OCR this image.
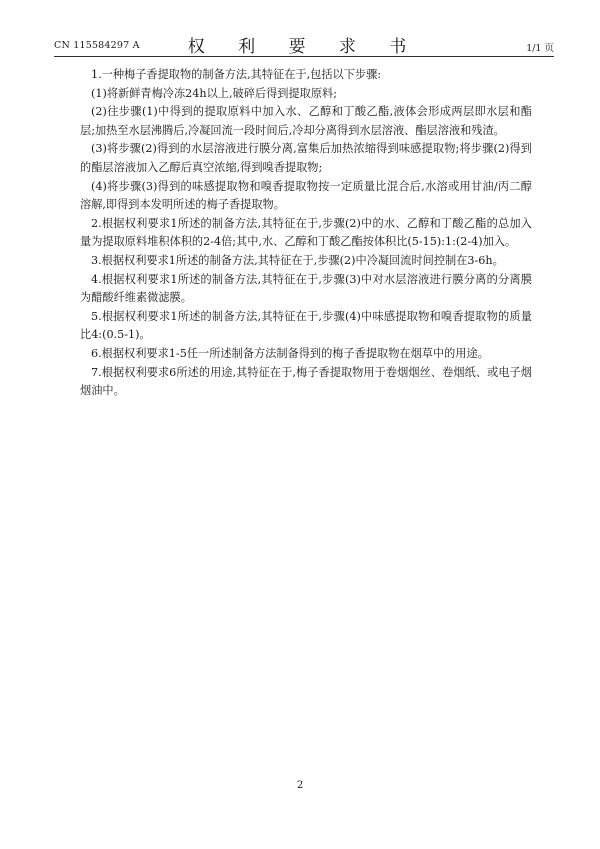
CN 115584297 A	权 利 要 求 书	1/1 页

1.一种梅子香提取物的制备方法,其特征在于,包括以下步骤:

(1)将新鲜青梅冷冻24h以上,破碎后得到提取原料;

(2)往步骤(1)中得到的提取原料中加入水、乙醇和丁酸乙酯,液体会形成两层即水层和酯层;加热至水层沸腾后,冷凝回流一段时间后,冷却分离得到水层溶液、酯层溶液和残渣。

(3)将步骤(2)得到的水层溶液进行膜分离,富集后加热浓缩得到味感提取物;将步骤(2)得到的酯层溶液加入乙醇后真空浓缩,得到嗅香提取物;

(4)将步骤(3)得到的味感提取物和嗅香提取物按一定质量比混合后,水溶或用甘油/丙二醇溶解,即得到本发明所述的梅子香提取物。

2.根据权利要求1所述的制备方法,其特征在于,步骤(2)中的水、乙醇和丁酸乙酯的总加入量为提取原料堆积体积的2-4倍;其中,水、乙醇和丁酸乙酯按体积比(5-15):1:(2-4)加入。

3.根据权利要求1所述的制备方法,其特征在于,步骤(2)中冷凝回流时间控制在3-6h。

4.根据权利要求1所述的制备方法,其特征在于,步骤(3)中对水层溶液进行膜分离的分离膜为醋酸纤维素微滤膜。

5.根据权利要求1所述的制备方法,其特征在于,步骤(4)中味感提取物和嗅香提取物的质量比4:(0.5-1)。

6.根据权利要求1-5任一所述制备方法制备得到的梅子香提取物在烟草中的用途。

7.根据权利要求6所述的用途,其特征在于,梅子香提取物用于卷烟烟丝、卷烟纸、或电子烟烟油中。

2
